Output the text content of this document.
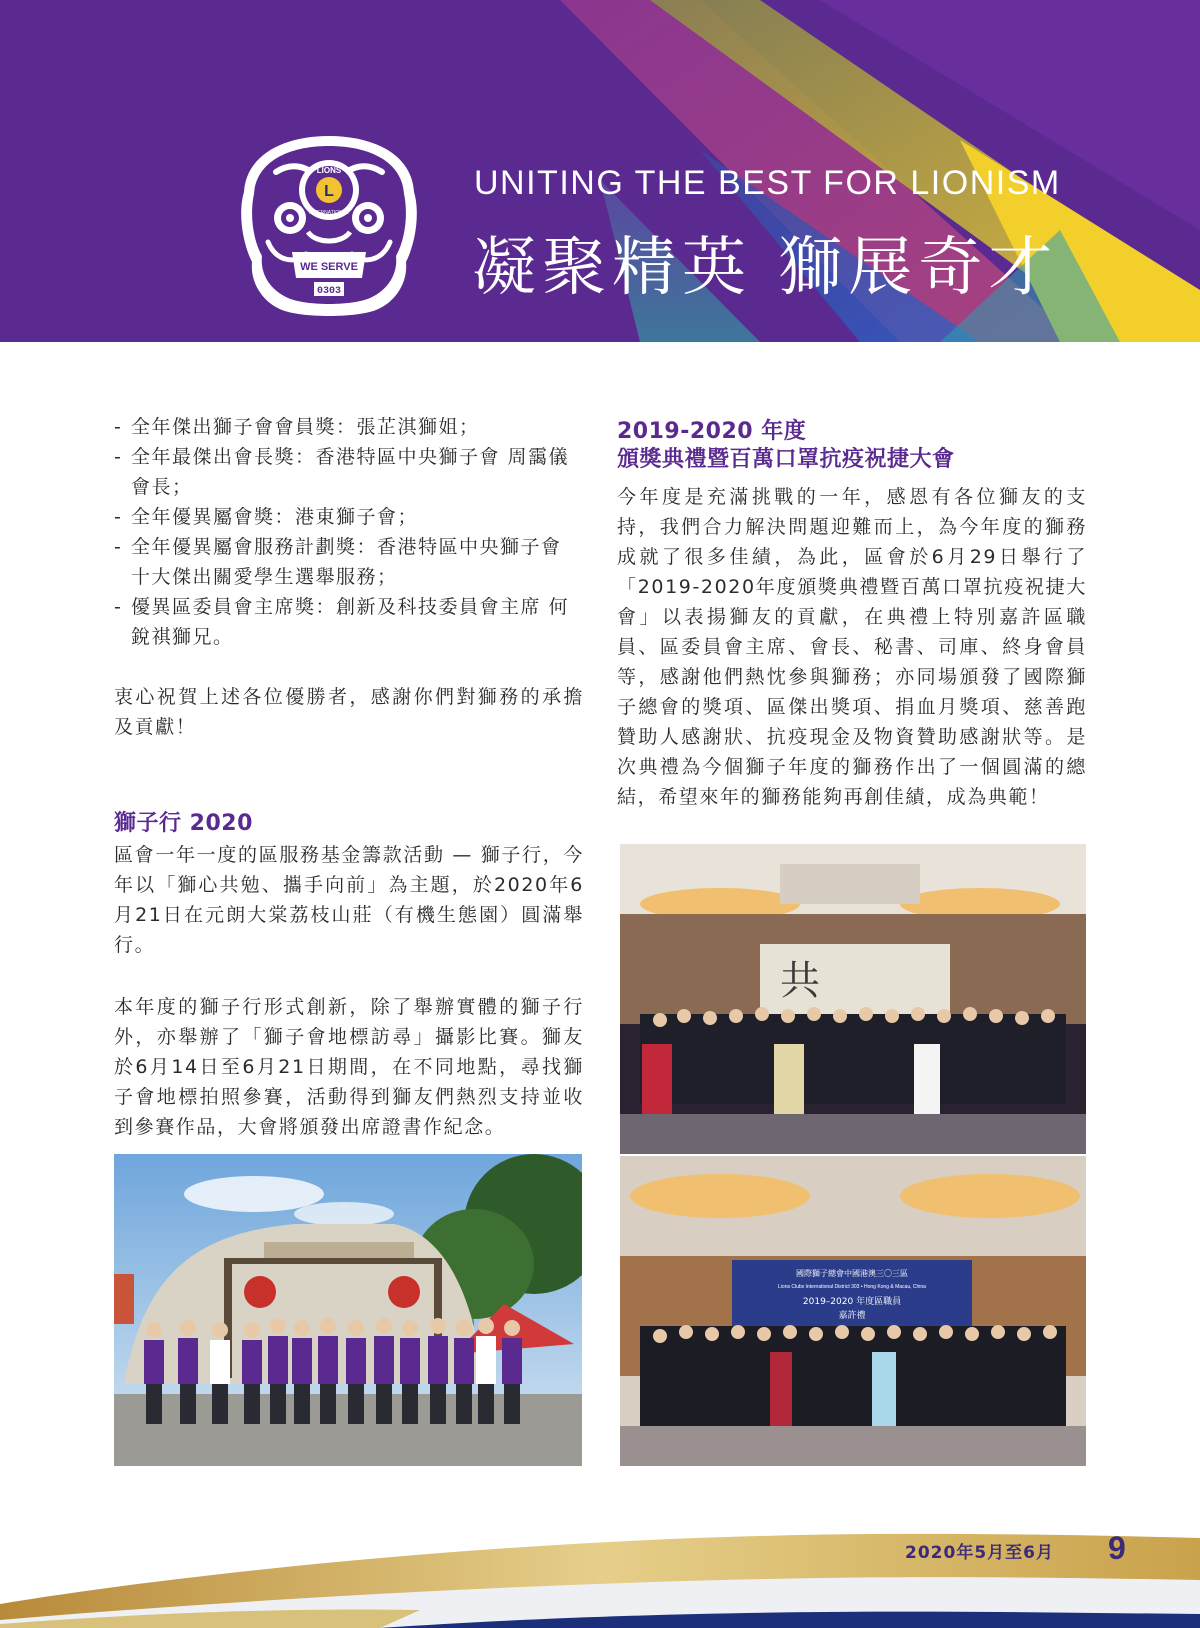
L
LIONS
INTERNATIONAL
WE SERVE
0303
UNITING THE BEST FOR LIONISM
凝聚精英 獅展奇才
- 全年傑出獅子會會員獎：張芷淇獅姐；
- 全年最傑出會長獎：香港特區中央獅子會 周靄儀會長；
- 全年優異屬會獎：港東獅子會；
- 全年優異屬會服務計劃獎：香港特區中央獅子會 十大傑出關愛學生選舉服務；
- 優異區委員會主席獎：創新及科技委員會主席 何銳祺獅兄。

衷心祝賀上述各位優勝者，感謝你們對獅務的承擔及貢獻！

獅子行 2020

區會一年一度的區服務基金籌款活動 — 獅子行，今年以「獅心共勉、攜手向前」為主題，於2020年6月21日在元朗大棠荔枝山莊（有機生態園）圓滿舉行。

本年度的獅子行形式創新，除了舉辦實體的獅子行外，亦舉辦了「獅子會地標訪尋」攝影比賽。獅友於6月14日至6月21日期間，在不同地點，尋找獅子會地標拍照參賽，活動得到獅友們熱烈支持並收到參賽作品，大會將頒發出席證書作紀念。

2019-2020 年度
頒獎典禮暨百萬口罩抗疫祝捷大會

今年度是充滿挑戰的一年，感恩有各位獅友的支持，我們合力解決問題迎難而上，為今年度的獅務成就了很多佳績，為此，區會於6月29日舉行了「2019-2020年度頒獎典禮暨百萬口罩抗疫祝捷大會」以表揚獅友的貢獻，在典禮上特別嘉許區職員、區委員會主席、會長、秘書、司庫、終身會員等，感謝他們熱忱參與獅務；亦同場頒發了國際獅子總會的獎項、區傑出獎項、捐血月獎項、慈善跑贊助人感謝狀、抗疫現金及物資贊助感謝狀等。是次典禮為今個獅子年度的獅務作出了一個圓滿的總結，希望來年的獅務能夠再創佳績，成為典範！

共
國際獅子總會中國港澳三〇三區
Lions Clubs International District 303 • Hong Kong & Macau, China
2019–2020 年度區職員
嘉許禮
2020年5月至6月 9
